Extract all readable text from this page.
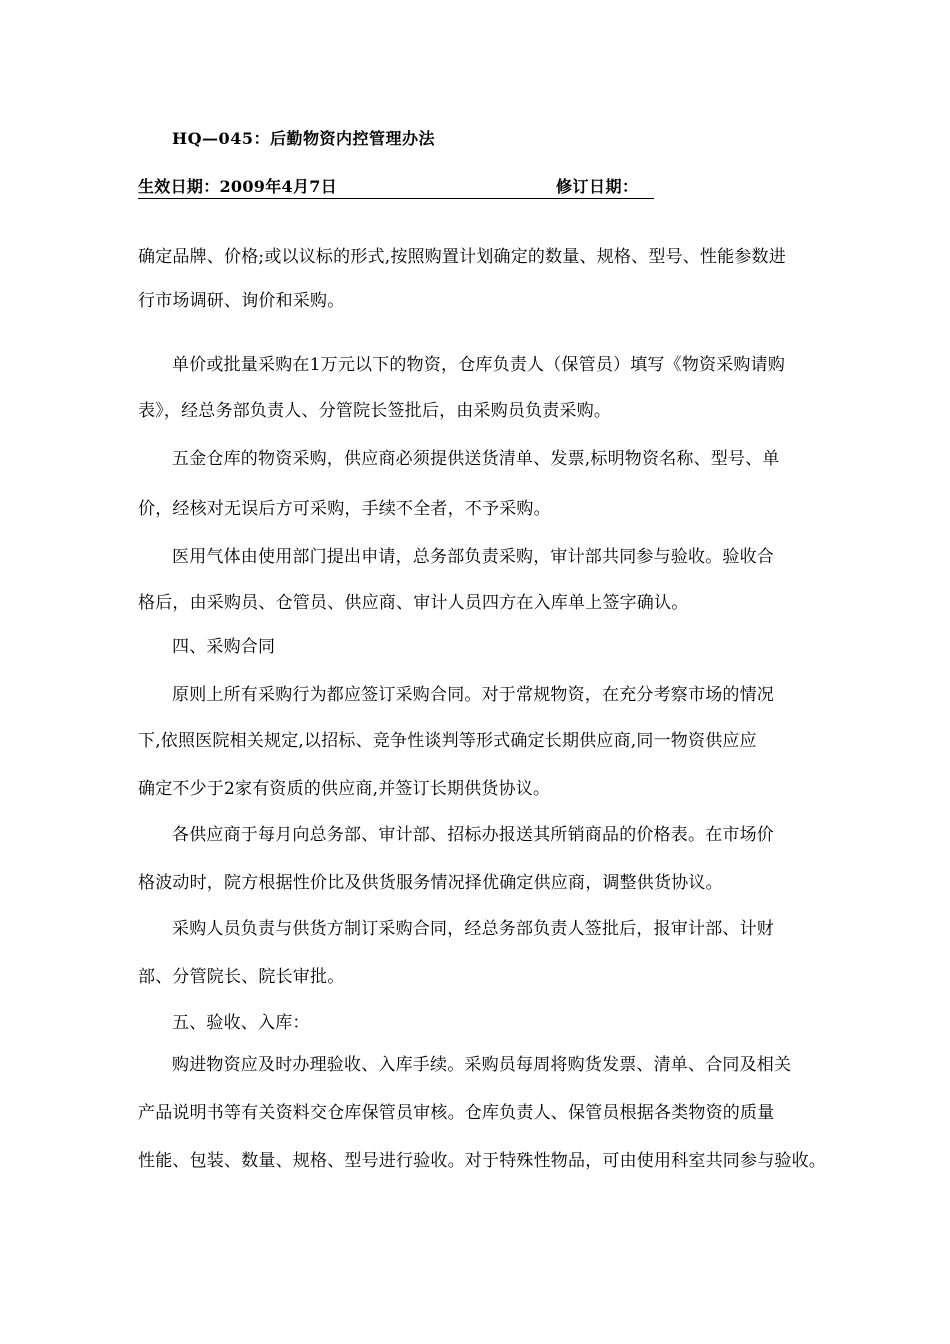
HQ—045：后勤物资内控管理办法
生效日期：2009年4月7日	修订日期：
确定品牌、价格;或以议标的形式,按照购置计划确定的数量、规格、型号、性能参数进
行市场调研、询价和采购。
单价或批量采购在1万元以下的物资，仓库负责人（保管员）填写《物资采购请购
表》，经总务部负责人、分管院长签批后，由采购员负责采购。
五金仓库的物资采购，供应商必须提供送货清单、发票,标明物资名称、型号、单
价，经核对无误后方可采购，手续不全者，不予采购。
医用气体由使用部门提出申请，总务部负责采购，审计部共同参与验收。验收合
格后，由采购员、仓管员、供应商、审计人员四方在入库单上签字确认。
四、采购合同
原则上所有采购行为都应签订采购合同。对于常规物资，在充分考察市场的情况
下,依照医院相关规定,以招标、竞争性谈判等形式确定长期供应商,同一物资供应应
确定不少于2家有资质的供应商,并签订长期供货协议。
各供应商于每月向总务部、审计部、招标办报送其所销商品的价格表。在市场价
格波动时，院方根据性价比及供货服务情况择优确定供应商，调整供货协议。
采购人员负责与供货方制订采购合同，经总务部负责人签批后，报审计部、计财
部、分管院长、院长审批。
五、验收、入库：
购进物资应及时办理验收、入库手续。采购员每周将购货发票、清单、合同及相关
产品说明书等有关资料交仓库保管员审核。仓库负责人、保管员根据各类物资的质量
性能、包装、数量、规格、型号进行验收。对于特殊性物品，可由使用科室共同参与验收。
